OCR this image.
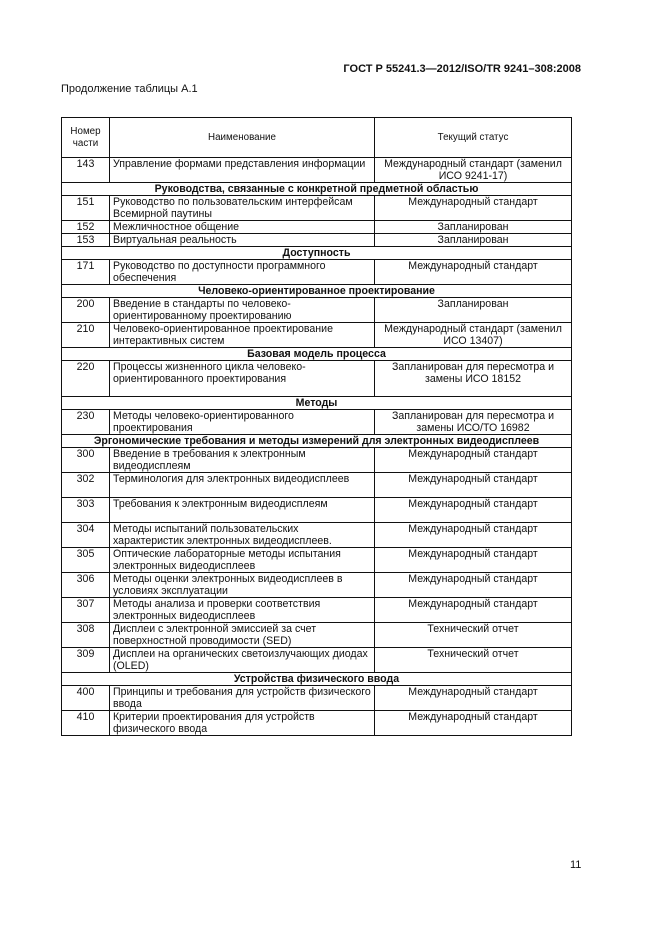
ГОСТ Р 55241.3—2012/ISO/TR 9241–308:2008
Продолжение таблицы А.1
Номер части	Наименование	Текущий статус
143	Управление формами представления информации	Международный стандарт (заменил ИСО 9241-17)
Руководства, связанные с конкретной предметной областью		
151	Руководство по пользовательским интерфейсам Всемирной паутины	Международный стандарт
152	Межличностное общение	Запланирован
153	Виртуальная реальность	Запланирован
Доступность		
171	Руководство по доступности программного обеспечения	Международный стандарт
Человеко-ориентированное проектирование		
200	Введение в стандарты по человеко-ориентированному проектированию	Запланирован
210	Человеко-ориентированное проектирование интерактивных систем	Международный стандарт (заменил ИСО 13407)
Базовая модель процесса		
220	Процессы жизненного цикла человеко-ориентированного проектирования	Запланирован для пересмотра и замены ИСО 18152
Методы		
230	Методы человеко-ориентированного проектирования	Запланирован для пересмотра и замены ИСО/ТО 16982
Эргономические требования и методы измерений для электронных видеодисплеев		
300	Введение в требования к электронным видеодисплеям	Международный стандарт
302	Терминология для электронных видеодисплеев	Международный стандарт
303	Требования к электронным видеодисплеям	Международный стандарт
304	Методы испытаний пользовательских характеристик электронных видеодисплеев.	Международный стандарт
305	Оптические лабораторные методы испытания электронных видеодисплеев	Международный стандарт
306	Методы оценки электронных видеодисплеев в условиях эксплуатации	Международный стандарт
307	Методы анализа и проверки соответствия электронных видеодисплеев	Международный стандарт
308	Дисплеи с электронной эмиссией за счет поверхностной проводимости (SED)	Технический отчет
309	Дисплеи на органических светоизлучающих диодах (OLED)	Технический отчет
Устройства физического ввода		
400	Принципы и требования для устройств физического ввода	Международный стандарт
410	Критерии проектирования для устройств физического ввода	Международный стандарт
11
